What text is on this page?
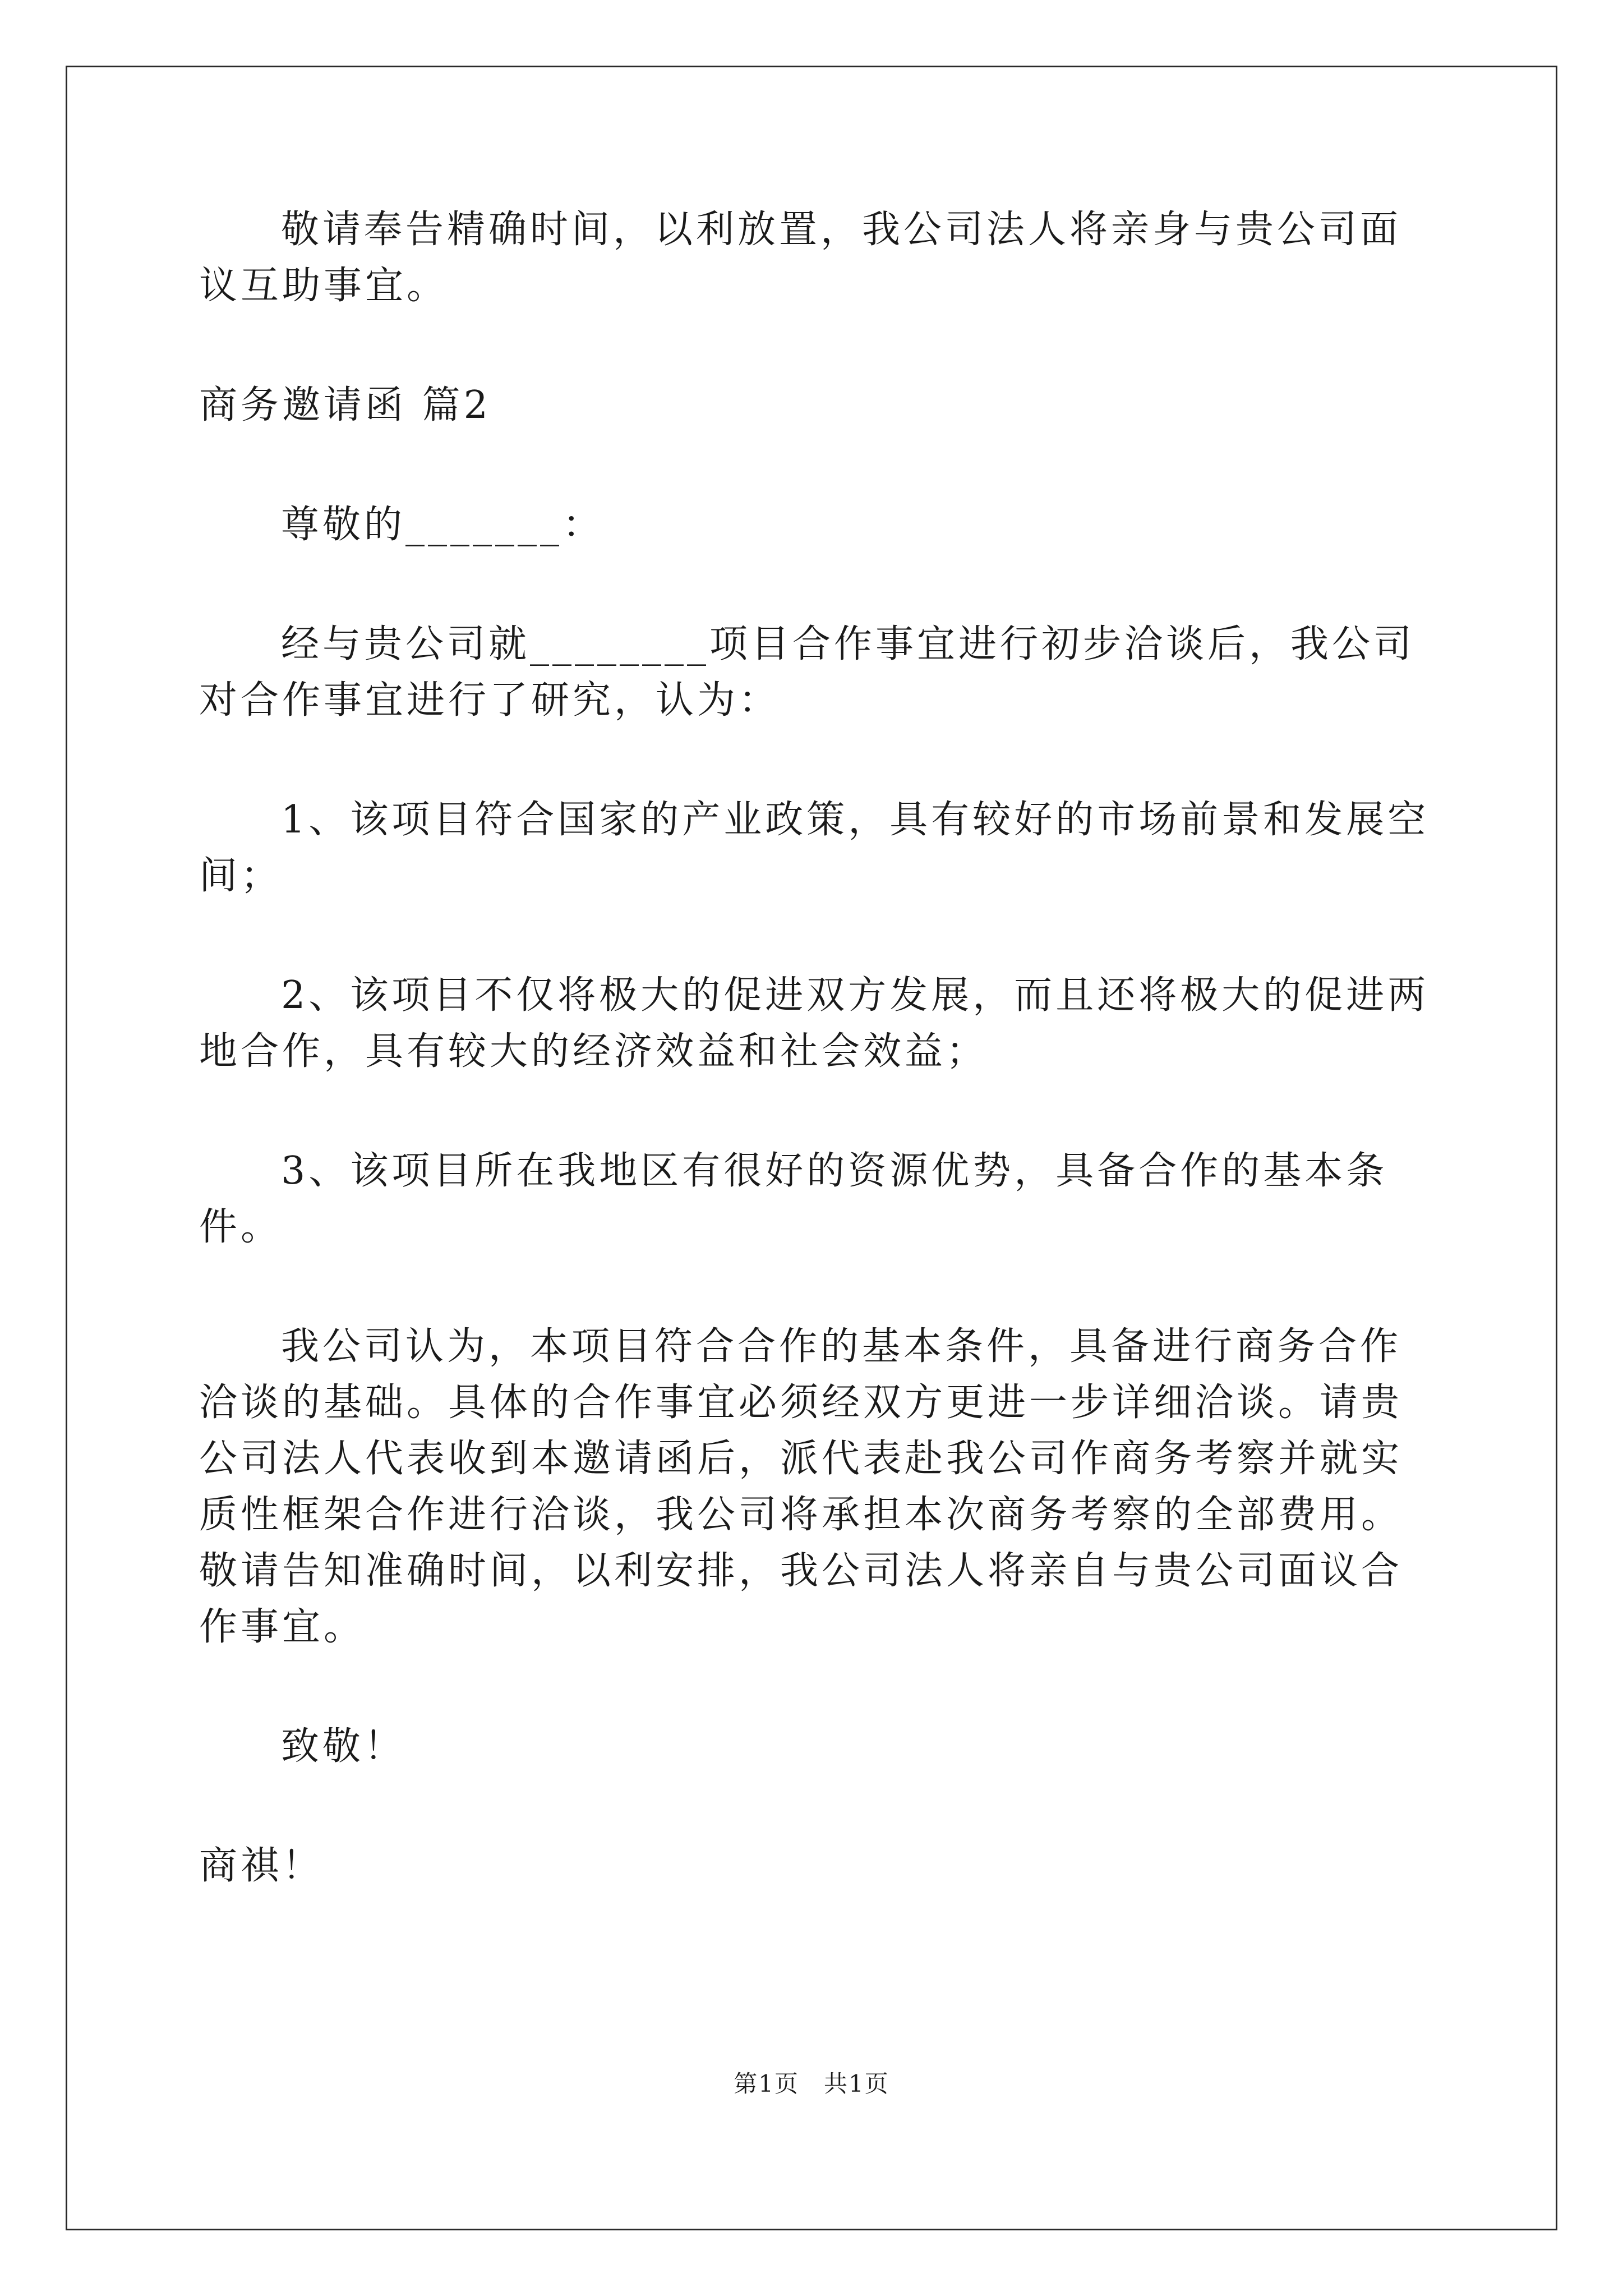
敬请奉告精确时间，以利放置，我公司法人将亲身与贵公司面议互助事宜。

商务邀请函 篇2

尊敬的_______：

经与贵公司就________项目合作事宜进行初步洽谈后，我公司对合作事宜进行了研究，认为：

1、该项目符合国家的产业政策，具有较好的市场前景和发展空间；

2、该项目不仅将极大的促进双方发展，而且还将极大的促进两地合作，具有较大的经济效益和社会效益；

3、该项目所在我地区有很好的资源优势，具备合作的基本条件。

我公司认为，本项目符合合作的基本条件，具备进行商务合作洽谈的基础。具体的合作事宜必须经双方更进一步详细洽谈。请贵公司法人代表收到本邀请函后，派代表赴我公司作商务考察并就实质性框架合作进行洽谈，我公司将承担本次商务考察的全部费用。敬请告知准确时间，以利安排，我公司法人将亲自与贵公司面议合作事宜。

致敬！

商祺！

第1页　共1页
